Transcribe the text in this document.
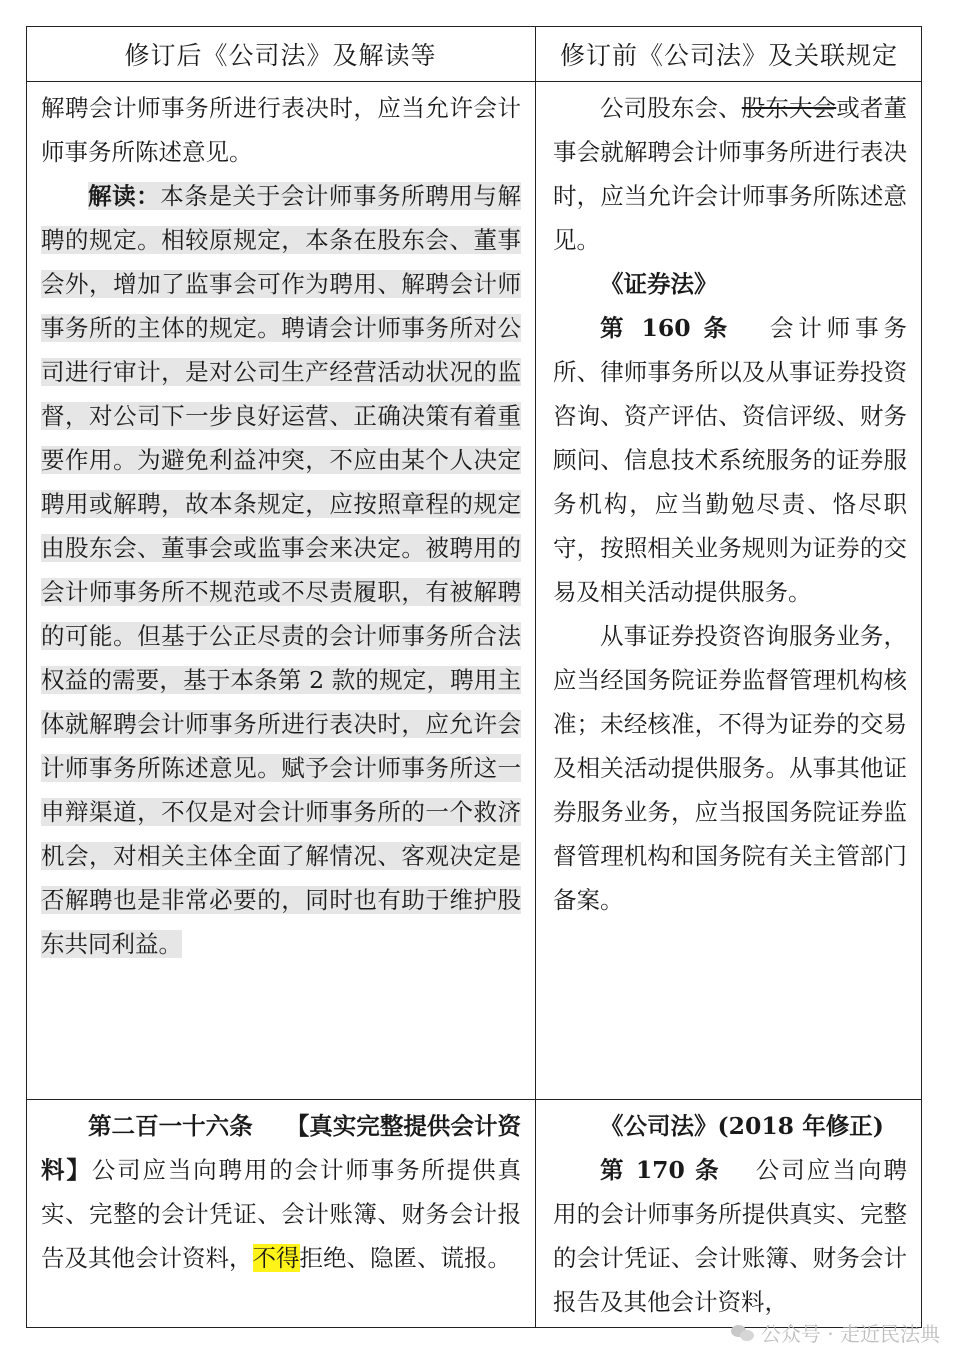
修订后《公司法》及解读等	修订前《公司法》及关联规定

解聘会计师事务所进行表决时，应当允许会计师事务所陈述意见。

解读：本条是关于会计师事务所聘用与解聘的规定。相较原规定，本条在股东会、董事会外，增加了监事会可作为聘用、解聘会计师事务所的主体的规定。聘请会计师事务所对公司进行审计，是对公司生产经营活动状况的监督，对公司下一步良好运营、正确决策有着重要作用。为避免利益冲突，不应由某个人决定聘用或解聘，故本条规定，应按照章程的规定由股东会、董事会或监事会来决定。被聘用的会计师事务所不规范或不尽责履职，有被解聘的可能。但基于公正尽责的会计师事务所合法权益的需要，基于本条第 2 款的规定，聘用主体就解聘会计师事务所进行表决时，应允许会计师事务所陈述意见。赋予会计师事务所这一申辩渠道，不仅是对会计师事务所的一个救济机会，对相关主体全面了解情况、客观决定是否解聘也是非常必要的，同时也有助于维护股东共同利益。

公司股东会、股东大会或者董事会就解聘会计师事务所进行表决时，应当允许会计师事务所陈述意见。

《证券法》

第 160 条 会计师事务所、律师事务所以及从事证券投资咨询、资产评估、资信评级、财务顾问、信息技术系统服务的证券服务机构，应当勤勉尽责、恪尽职守，按照相关业务规则为证券的交易及相关活动提供服务。

从事证券投资咨询服务业务，应当经国务院证券监督管理机构核准；未经核准，不得为证券的交易及相关活动提供服务。从事其他证券服务业务，应当报国务院证券监督管理机构和国务院有关主管部门备案。

第二百一十六条 【真实完整提供会计资料】公司应当向聘用的会计师事务所提供真实、完整的会计凭证、会计账簿、财务会计报告及其他会计资料，不得拒绝、隐匿、谎报。

《公司法》(2018 年修正)

第 170 条 公司应当向聘用的会计师事务所提供真实、完整的会计凭证、会计账簿、财务会计报告及其他会计资料，

公众号 · 走近民法典
